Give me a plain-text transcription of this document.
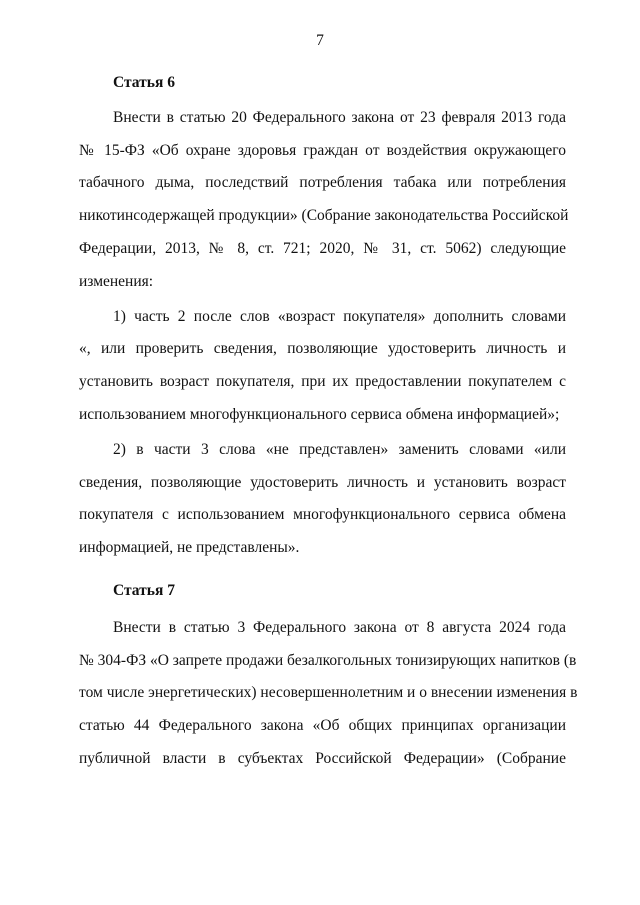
7
Статья 6
Внести в статью 20 Федерального закона от 23 февраля 2013 года
№ 15-ФЗ «Об охране здоровья граждан от воздействия окружающего
табачного дыма, последствий потребления табака или потребления
никотинсодержащей продукции» (Собрание законодательства Российской
Федерации, 2013, № 8, ст. 721; 2020, № 31, ст. 5062) следующие
изменения:
1) часть 2 после слов «возраст покупателя» дополнить словами
«, или проверить сведения, позволяющие удостоверить личность и
установить возраст покупателя, при их предоставлении покупателем с
использованием многофункционального сервиса обмена информацией»;
2) в части 3 слова «не представлен» заменить словами «или
сведения, позволяющие удостоверить личность и установить возраст
покупателя с использованием многофункционального сервиса обмена
информацией, не представлены».
Статья 7
Внести в статью 3 Федерального закона от 8 августа 2024 года
№ 304-ФЗ «О запрете продажи безалкогольных тонизирующих напитков (в
том числе энергетических) несовершеннолетним и о внесении изменения в
статью 44 Федерального закона «Об общих принципах организации
публичной власти в субъектах Российской Федерации» (Собрание
